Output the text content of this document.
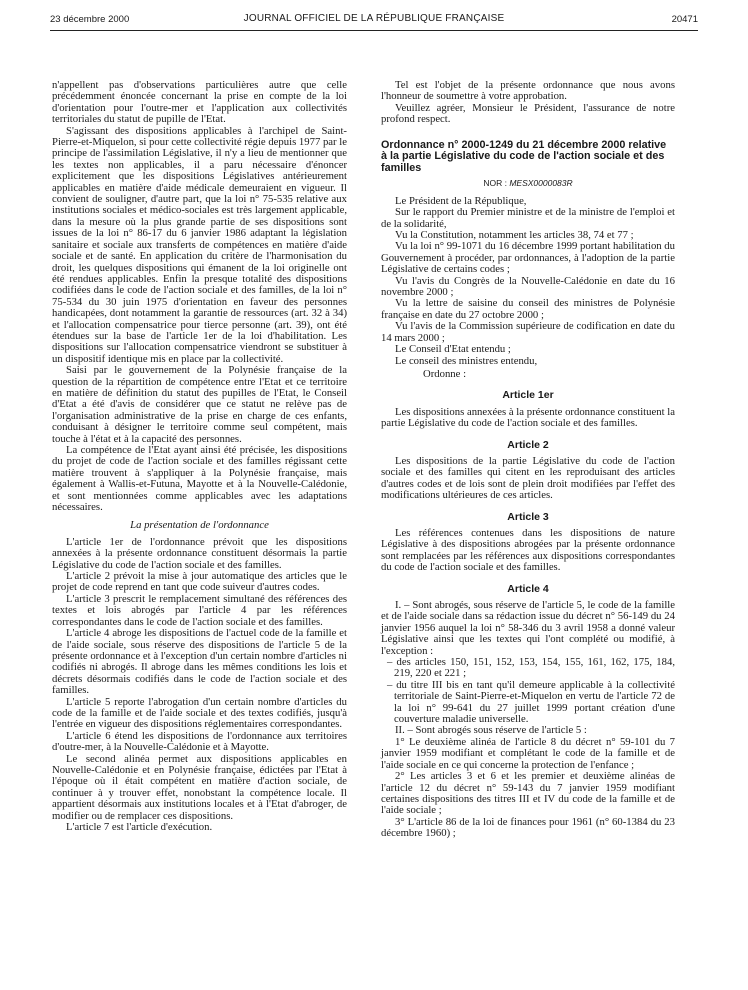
23 décembre 2000	JOURNAL OFFICIEL DE LA RÉPUBLIQUE FRANÇAISE	20471

n'appellent pas d'observations particulières autre que celle précédemment énoncée concernant la prise en compte de la loi d'orientation pour l'outre-mer et l'application aux collectivités territoriales du statut de pupille de l'Etat.

S'agissant des dispositions applicables à l'archipel de Saint-Pierre-et-Miquelon, si pour cette collectivité régie depuis 1977 par le principe de l'assimilation Législative, il n'y a lieu de mentionner que les textes non applicables, il a paru nécessaire d'énoncer explicitement que les dispositions Législatives antérieurement applicables en matière d'aide médicale demeuraient en vigueur. Il convient de souligner, d'autre part, que la loi n° 75-535 relative aux institutions sociales et médico-sociales est très largement applicable, dans la mesure où la plus grande partie de ses dispositions sont issues de la loi n° 86-17 du 6 janvier 1986 adaptant la législation sanitaire et sociale aux transferts de compétences en matière d'aide sociale et de santé. En application du critère de l'harmonisation du droit, les quelques dispositions qui émanent de la loi originelle ont été rendues applicables. Enfin la presque totalité des dispositions codifiées dans le code de l'action sociale et des familles, de la loi n° 75-534 du 30 juin 1975 d'orientation en faveur des personnes handicapées, dont notamment la garantie de ressources (art. 32 à 34) et l'allocation compensatrice pour tierce personne (art. 39), ont été étendues sur la base de l'article 1er de la loi d'habilitation. Les dispositions sur l'allocation compensatrice viendront se substituer à un dispositif identique mis en place par la collectivité.

Saisi par le gouvernement de la Polynésie française de la question de la répartition de compétence entre l'Etat et ce territoire en matière de définition du statut des pupilles de l'Etat, le Conseil d'Etat a été d'avis de considérer que ce statut ne relève pas de l'organisation administrative de la prise en charge de ces enfants, conduisant à désigner le territoire comme seul compétent, mais touche à l'état et à la capacité des personnes.

La compétence de l'Etat ayant ainsi été précisée, les dispositions du projet de code de l'action sociale et des familles régissant cette matière trouvent à s'appliquer à la Polynésie française, mais également à Wallis-et-Futuna, Mayotte et à la Nouvelle-Calédonie, et sont mentionnées comme applicables avec les adaptations nécessaires.

La présentation de l'ordonnance

L'article 1er de l'ordonnance prévoit que les dispositions annexées à la présente ordonnance constituent désormais la partie Législative du code de l'action sociale et des familles.

L'article 2 prévoit la mise à jour automatique des articles que le projet de code reprend en tant que code suiveur d'autres codes.

L'article 3 prescrit le remplacement simultané des références des textes et lois abrogés par l'article 4 par les références correspondantes dans le code de l'action sociale et des familles.

L'article 4 abroge les dispositions de l'actuel code de la famille et de l'aide sociale, sous réserve des dispositions de l'article 5 de la présente ordonnance et à l'exception d'un certain nombre d'articles ni codifiés ni abrogés. Il abroge dans les mêmes conditions les lois et décrets désormais codifiés dans le code de l'action sociale et des familles.

L'article 5 reporte l'abrogation d'un certain nombre d'articles du code de la famille et de l'aide sociale et des textes codifiés, jusqu'à l'entrée en vigueur des dispositions réglementaires correspondantes.

L'article 6 étend les dispositions de l'ordonnance aux territoires d'outre-mer, à la Nouvelle-Calédonie et à Mayotte.

Le second alinéa permet aux dispositions applicables en Nouvelle-Calédonie et en Polynésie française, édictées par l'Etat à l'époque où il était compétent en matière d'action sociale, de continuer à y trouver effet, nonobstant la compétence locale. Il appartient désormais aux institutions locales et à l'Etat d'abroger, de modifier ou de remplacer ces dispositions.

L'article 7 est l'article d'exécution.

Tel est l'objet de la présente ordonnance que nous avons l'honneur de soumettre à votre approbation.

Veuillez agréer, Monsieur le Président, l'assurance de notre profond respect.

Ordonnance n° 2000-1249 du 21 décembre 2000 relative à la partie Législative du code de l'action sociale et des familles
NOR : MESX0000083R

Le Président de la République,

Sur le rapport du Premier ministre et de la ministre de l'emploi et de la solidarité,

Vu la Constitution, notamment les articles 38, 74 et 77 ;

Vu la loi n° 99-1071 du 16 décembre 1999 portant habilitation du Gouvernement à procéder, par ordonnances, à l'adoption de la partie Législative de certains codes ;

Vu l'avis du Congrès de la Nouvelle-Calédonie en date du 16 novembre 2000 ;

Vu la lettre de saisine du conseil des ministres de Polynésie française en date du 27 octobre 2000 ;

Vu l'avis de la Commission supérieure de codification en date du 14 mars 2000 ;

Le Conseil d'Etat entendu ;

Le conseil des ministres entendu,

Ordonne :

Article 1er

Les dispositions annexées à la présente ordonnance constituent la partie Législative du code de l'action sociale et des familles.

Article 2

Les dispositions de la partie Législative du code de l'action sociale et des familles qui citent en les reproduisant des articles d'autres codes et de lois sont de plein droit modifiées par l'effet des modifications ultérieures de ces articles.

Article 3

Les références contenues dans les dispositions de nature Législative à des dispositions abrogées par la présente ordonnance sont remplacées par les références aux dispositions correspondantes du code de l'action sociale et des familles.

Article 4

I. – Sont abrogés, sous réserve de l'article 5, le code de la famille et de l'aide sociale dans sa rédaction issue du décret n° 56-149 du 24 janvier 1956 auquel la loi n° 58-346 du 3 avril 1958 a donné valeur Législative ainsi que les textes qui l'ont complété ou modifié, à l'exception :

– des articles 150, 151, 152, 153, 154, 155, 161, 162, 175, 184, 219, 220 et 221 ;

– du titre III bis en tant qu'il demeure applicable à la collectivité territoriale de Saint-Pierre-et-Miquelon en vertu de l'article 72 de la loi n° 99-641 du 27 juillet 1999 portant création d'une couverture maladie universelle.

II. – Sont abrogés sous réserve de l'article 5 :

1° Le deuxième alinéa de l'article 8 du décret n° 59-101 du 7 janvier 1959 modifiant et complétant le code de la famille et de l'aide sociale en ce qui concerne la protection de l'enfance ;

2° Les articles 3 et 6 et les premier et deuxième alinéas de l'article 12 du décret n° 59-143 du 7 janvier 1959 modifiant certaines dispositions des titres III et IV du code de la famille et de l'aide sociale ;

3° L'article 86 de la loi de finances pour 1961 (n° 60-1384 du 23 décembre 1960) ;
